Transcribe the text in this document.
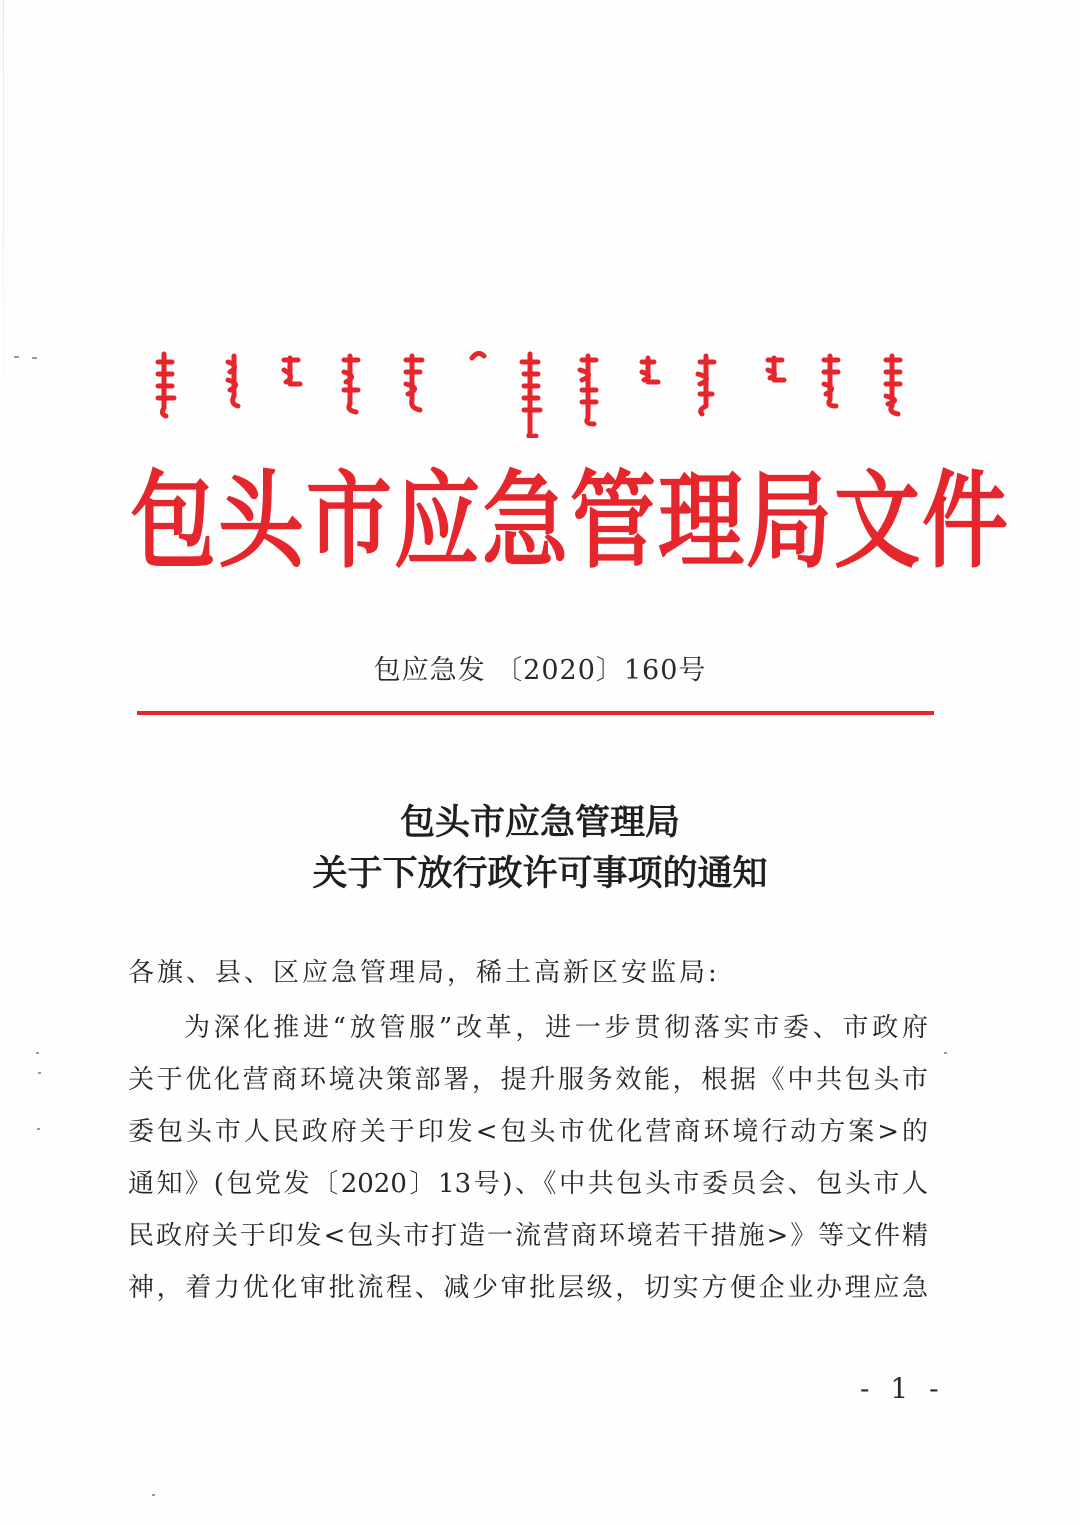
包头市应急管理局文件
包应急发 〔2020〕160号
包头市应急管理局
关于下放行政许可事项的通知
各旗、县、区应急管理局，稀土高新区安监局:
为深化推进“放管服”改革，进一步贯彻落实市委、市政府
关于优化营商环境决策部署，提升服务效能，根据《中共包头市
委包头市人民政府关于印发<包头市优化营商环境行动方案>的
通知》(包党发〔2020〕13号)、《中共包头市委员会、包头市人
民政府关于印发<包头市打造一流营商环境若干措施>》等文件精
神，着力优化审批流程、减少审批层级，切实方便企业办理应急
- 1 -
